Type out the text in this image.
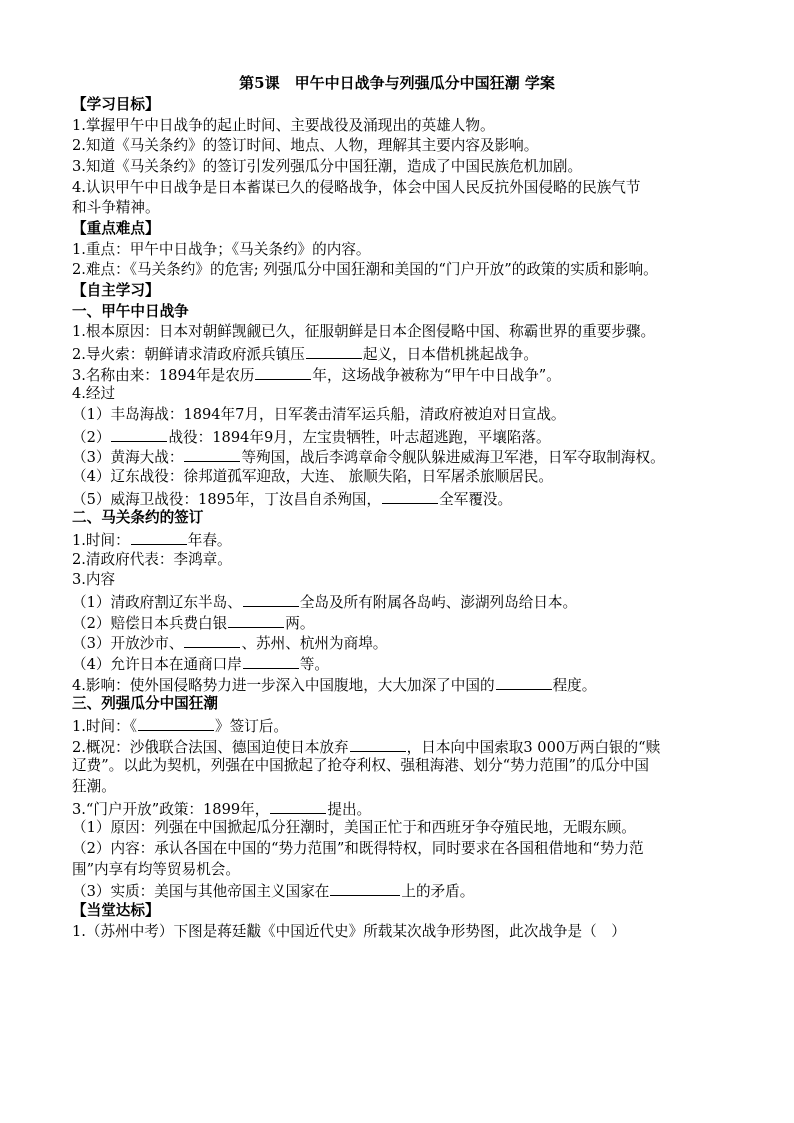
第5课　甲午中日战争与列强瓜分中国狂潮 学案
【学习目标】
1.掌握甲午中日战争的起止时间、主要战役及涌现出的英雄人物。
2.知道《马关条约》的签订时间、地点、人物，理解其主要内容及影响。
3.知道《马关条约》的签订引发列强瓜分中国狂潮，造成了中国民族危机加剧。
4.认识甲午中日战争是日本蓄谋已久的侵略战争，体会中国人民反抗外国侵略的民族气节
和斗争精神。
【重点难点】
1.重点：甲午中日战争；《马关条约》的内容。
2.难点：《马关条约》的危害; 列强瓜分中国狂潮和美国的“门户开放”的政策的实质和影响。
【自主学习】
一、甲午中日战争
1.根本原因：日本对朝鲜觊觎已久，征服朝鲜是日本企图侵略中国、称霸世界的重要步骤。
2.导火索：朝鲜请求清政府派兵镇压	起义，日本借机挑起战争。
3.名称由来：1894年是农历	年，这场战争被称为“甲午中日战争”。
4.经过
（1）丰岛海战：1894年7月，日军袭击清军运兵船，清政府被迫对日宣战。
（2）	战役：1894年9月，左宝贵牺牲，叶志超逃跑，平壤陷落。
（3）黄海大战：	等殉国，战后李鸿章命令舰队躲进威海卫军港，日军夺取制海权。
（4）辽东战役：徐邦道孤军迎敌，大连、 旅顺失陷，日军屠杀旅顺居民。
（5）威海卫战役：1895年，丁汝昌自杀殉国，	全军覆没。
二、马关条约的签订
1.时间：	年春。
2.清政府代表：李鸿章。
3.内容
（1）清政府割辽东半岛、	全岛及所有附属各岛屿、澎湖列岛给日本。
（2）赔偿日本兵费白银	两。
（3）开放沙市、	、苏州、杭州为商埠。
（4）允许日本在通商口岸	等。
4.影响：使外国侵略势力进一步深入中国腹地，大大加深了中国的	程度。
三、列强瓜分中国狂潮
1.时间：《	》签订后。
2.概况：沙俄联合法国、德国迫使日本放弃	，日本向中国索取3 000万两白银的“赎
辽费”。以此为契机，列强在中国掀起了抢夺利权、强租海港、划分“势力范围”的瓜分中国
狂潮。
3.“门户开放”政策：1899年，	提出。
（1）原因：列强在中国掀起瓜分狂潮时，美国正忙于和西班牙争夺殖民地，无暇东顾。
（2）内容：承认各国在中国的“势力范围”和既得特权，同时要求在各国租借地和“势力范
围”内享有均等贸易机会。
（3）实质：美国与其他帝国主义国家在	上的矛盾。
【当堂达标】
1.（苏州中考）下图是蒋廷黻《中国近代史》所载某次战争形势图，此次战争是（　）
